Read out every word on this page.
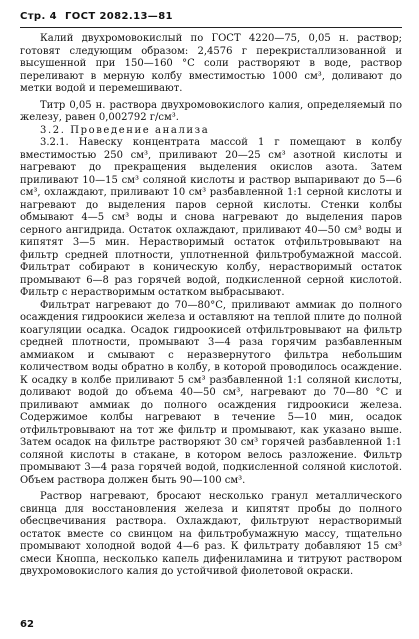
Стр. 4 ГОСТ 2082.13—81

Калий двухромовокислый по ГОСТ 4220—75, 0,05 н. раствор; готовят следующим образом: 2,4576 г перекристаллизованной и высушенной при 150—160 °С соли растворяют в воде, раствор переливают в мерную колбу вместимостью 1000 см³, доливают до метки водой и перемешивают.

Титр 0,05 н. раствора двухромовокислого калия, определяемый по железу, равен 0,002792 г/см³.

3.2. Проведение анализа

3.2.1. Навеску концентрата массой 1 г помещают в колбу вместимостью 250 см³, приливают 20—25 см³ азотной кислоты и нагревают до прекращения выделения окислов азота. Затем приливают 10—15 см³ соляной кислоты и раствор выпаривают до 5—6 см³, охлаждают, приливают 10 см³ разбавленной 1:1 серной кислоты и нагревают до выделения паров серной кислоты. Стенки колбы обмывают 4—5 см³ воды и снова нагревают до выделения паров серного ангидрида. Остаток охлаждают, приливают 40—50 см³ воды и кипятят 3—5 мин. Нерастворимый остаток отфильтровывают на фильтр средней плотности, уплотненной фильтробумажной массой. Фильтрат собирают в коническую колбу, нерастворимый остаток промывают 6—8 раз горячей водой, подкисленной серной кислотой. Фильтр с нерастворимым остатком выбрасывают.

Фильтрат нагревают до 70—80°С, приливают аммиак до полного осаждения гидроокиси железа и оставляют на теплой плите до полной коагуляции осадка. Осадок гидроокисей отфильтровывают на фильтр средней плотности, промывают 3—4 раза горячим разбавленным аммиаком и смывают с неразвернутого фильтра небольшим количеством воды обратно в колбу, в которой проводилось осаждение. К осадку в колбе приливают 5 см³ разбавленной 1:1 соляной кислоты, доливают водой до объема 40—50 см³, нагревают до 70—80 °С и приливают аммиак до полного осаждения гидроокиси железа. Содержимое колбы нагревают в течение 5—10 мин, осадок отфильтровывают на тот же фильтр и промывают, как указано выше. Затем осадок на фильтре растворяют 30 см³ горячей разбавленной 1:1 соляной кислоты в стакане, в котором велось разложение. Фильтр промывают 3—4 раза горячей водой, подкисленной соляной кислотой. Объем раствора должен быть 90—100 см³.

Раствор нагревают, бросают несколько гранул металлического свинца для восстановления железа и кипятят пробы до полного обесцвечивания раствора. Охлаждают, фильтруют нерастворимый остаток вместе со свинцом на фильтробумажную массу, тщательно промывают холодной водой 4—6 раз. К фильтрату добавляют 15 см³ смеси Кноппа, несколько капель дифениламина и титруют раствором двухромовокислого калия до устойчивой фиолетовой окраски.

62
